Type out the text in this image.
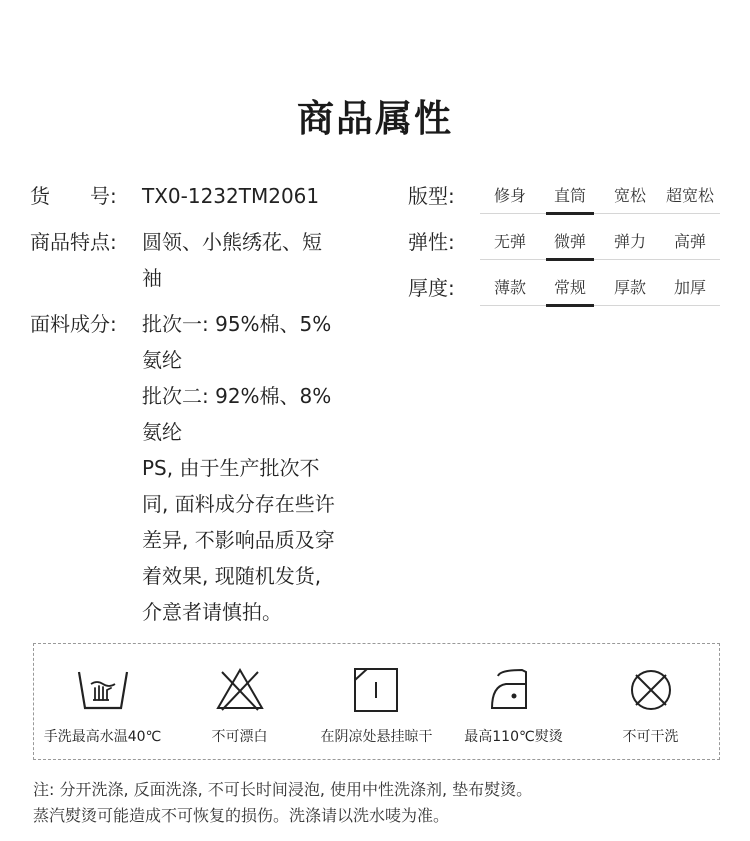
商品属性
货　　号:	TX0-1232TM2061
商品特点:	圆领、小熊绣花、短
袖
面料成分:	批次一: 95%棉、5%
氨纶
批次二: 92%棉、8%
氨纶
PS, 由于生产批次不
同, 面料成分存在些许
差异, 不影响品质及穿
着效果, 现随机发货,
介意者请慎拍。
版型:	修身	直筒	宽松	超宽松
弹性:	无弹	微弹	弹力	高弹
厚度:	薄款	常规	厚款	加厚
手洗最高水温40℃	不可漂白	在阴凉处悬挂晾干	最高110℃熨烫	不可干洗
注: 分开洗涤, 反面洗涤, 不可长时间浸泡, 使用中性洗涤剂, 垫布熨烫。
蒸汽熨烫可能造成不可恢复的损伤。洗涤请以洗水唛为准。
